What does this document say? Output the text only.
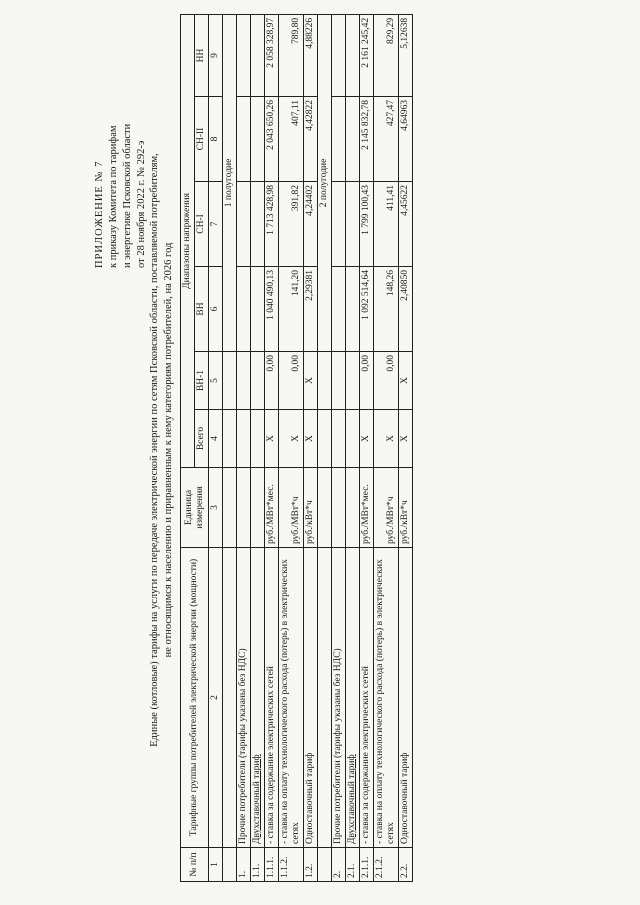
ПРИЛОЖЕНИЕ № 7 к приказу Комитета по тарифам и энергетике Псковской области от 28 ноября 2022 г. № 292-э Единые (котловые) тарифы на услуги по передаче электрической энергии по сетям Псковской области, поставляемой потребителям, не относящимся к населению и приравненным к нему категориям потребителей, на 2026 год
№ п/п	Тарифные группы потребителей электрической энергии (мощности)	Единица измерения	Диапазоны напряжения					
			Всего	ВН-1	ВН	СН-I	СН-II	НН
1	2	3	4	5	6	7	8	9
					1 полугодие			
1.	Прочие потребители (тарифы указаны без НДС)							
1.1.	Двухставочный тариф							
1.1.1.	- ставка за содержание электрических сетей	руб./МВт*мес.	X	0,00	1 040 490,13	1 713 428,98	2 043 650,26	2 058 328,97
1.1.2.	- ставка на оплату технологического расхода (потерь) в электрических сетях	руб./МВт*ч	X	0,00	141,20	391,82	407,11	789,80
1.2.	Одноставочный тариф	руб./кВт*ч	X	X	2,29381	4,24402	4,42822	4,88226
					2 полугодие			
2.	Прочие потребители (тарифы указаны без НДС)							
2.1.	Двухставочный тариф							
2.1.1.	- ставка за содержание электрических сетей	руб./МВт*мес.	X	0,00	1 092 514,64	1 799 100,43	2 145 832,78	2 161 245,42
2.1.2.	- ставка на оплату технологического расхода (потерь) в электрических сетях	руб./МВт*ч	X	0,00	148,26	411,41	427,47	829,29
2.2.	Одноставочный тариф	руб./кВт*ч	X	X	2,40850	4,45622	4,64963	5,12638
